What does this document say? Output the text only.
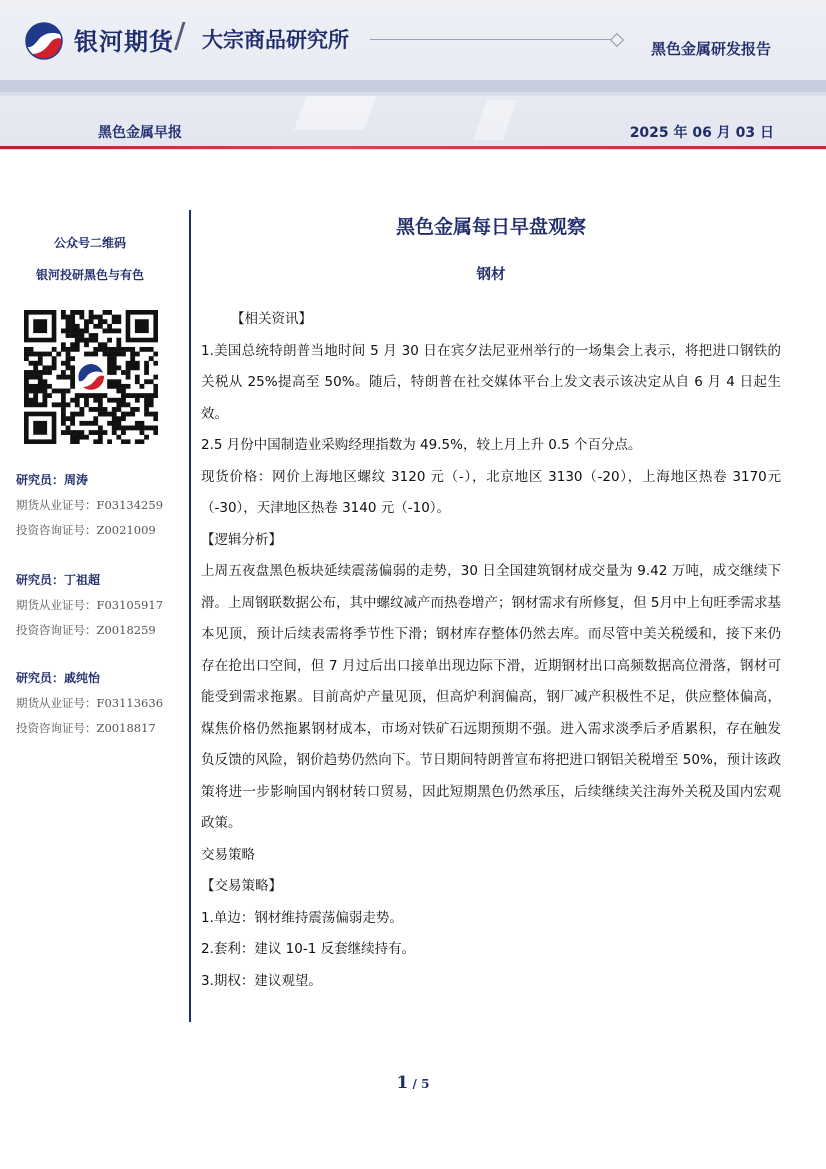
银河期货 / 大宗商品研究所	黑色金属研发报告
黑色金属早报	2025 年 06 月 03 日
公众号二维码
银河投研黑色与有色
研究员：周涛
期货从业证号：F03134259
投资咨询证号：Z0021009
研究员：丁祖超
期货从业证号：F03105917
投资咨询证号：Z0018259
研究员：戚纯怡
期货从业证号：F03113636
投资咨询证号：Z0018817
黑色金属每日早盘观察
钢材

【相关资讯】

1.美国总统特朗普当地时间 5 月 30 日在宾夕法尼亚州举行的一场集会上表示，将把进口钢铁的关税从 25%提高至 50%。随后，特朗普在社交媒体平台上发文表示该决定从自 6 月 4 日起生效。

2.5 月份中国制造业采购经理指数为 49.5%，较上月上升 0.5 个百分点。

现货价格：网价上海地区螺纹 3120 元（-），北京地区 3130（-20），上海地区热卷 3170元（-30），天津地区热卷 3140 元（-10）。

【逻辑分析】

上周五夜盘黑色板块延续震荡偏弱的走势，30 日全国建筑钢材成交量为 9.42 万吨，成交继续下滑。上周钢联数据公布，其中螺纹减产而热卷增产；钢材需求有所修复，但 5月中上旬旺季需求基本见顶，预计后续表需将季节性下滑；钢材库存整体仍然去库。而尽管中美关税缓和，接下来仍存在抢出口空间，但 7 月过后出口接单出现边际下滑，近期钢材出口高频数据高位滑落，钢材可能受到需求拖累。目前高炉产量见顶，但高炉利润偏高，钢厂减产积极性不足，供应整体偏高，煤焦价格仍然拖累钢材成本，市场对铁矿石远期预期不强。进入需求淡季后矛盾累积，存在触发负反馈的风险，钢价趋势仍然向下。节日期间特朗普宣布将把进口钢铝关税增至 50%，预计该政策将进一步影响国内钢材转口贸易，因此短期黑色仍然承压，后续继续关注海外关税及国内宏观政策。

交易策略

【交易策略】

1.单边：钢材维持震荡偏弱走势。

2.套利：建议 10-1 反套继续持有。

3.期权：建议观望。

1 / 5
